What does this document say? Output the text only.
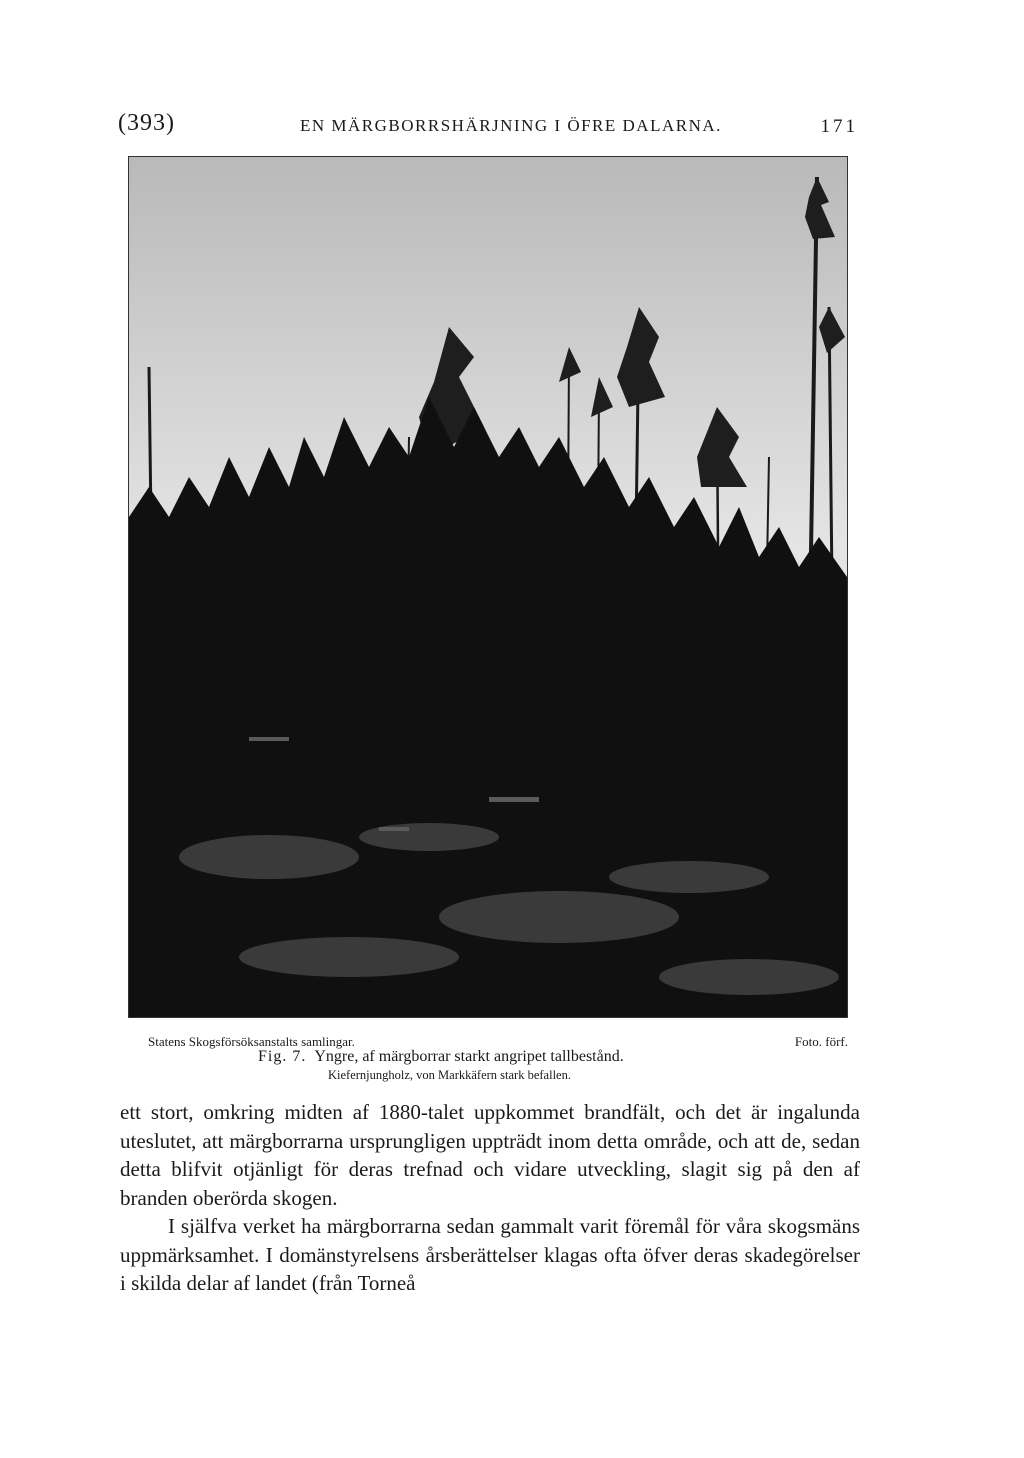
(393)	EN MÄRGBORRSHÄRJNING I ÖFRE DALARNA.	171
Statens Skogsförsöksanstalts samlingar.	Foto. förf.
Fig. 7. Yngre, af märgborrar starkt angripet tallbestånd.
Kiefernjungholz, von Markkäfern stark befallen.

ett stort, omkring midten af 1880-talet uppkommet brandfält, och det är ingalunda uteslutet, att märgborrarna ursprungligen uppträdt inom detta område, och att de, sedan detta blifvit otjänligt för deras trefnad och vidare utveckling, slagit sig på den af branden oberörda skogen.

I själfva verket ha märgborrarna sedan gammalt varit föremål för våra skogsmäns uppmärksamhet. I domänstyrelsens årsberättelser klagas ofta öfver deras skadegörelser i skilda delar af landet (från Torneå
